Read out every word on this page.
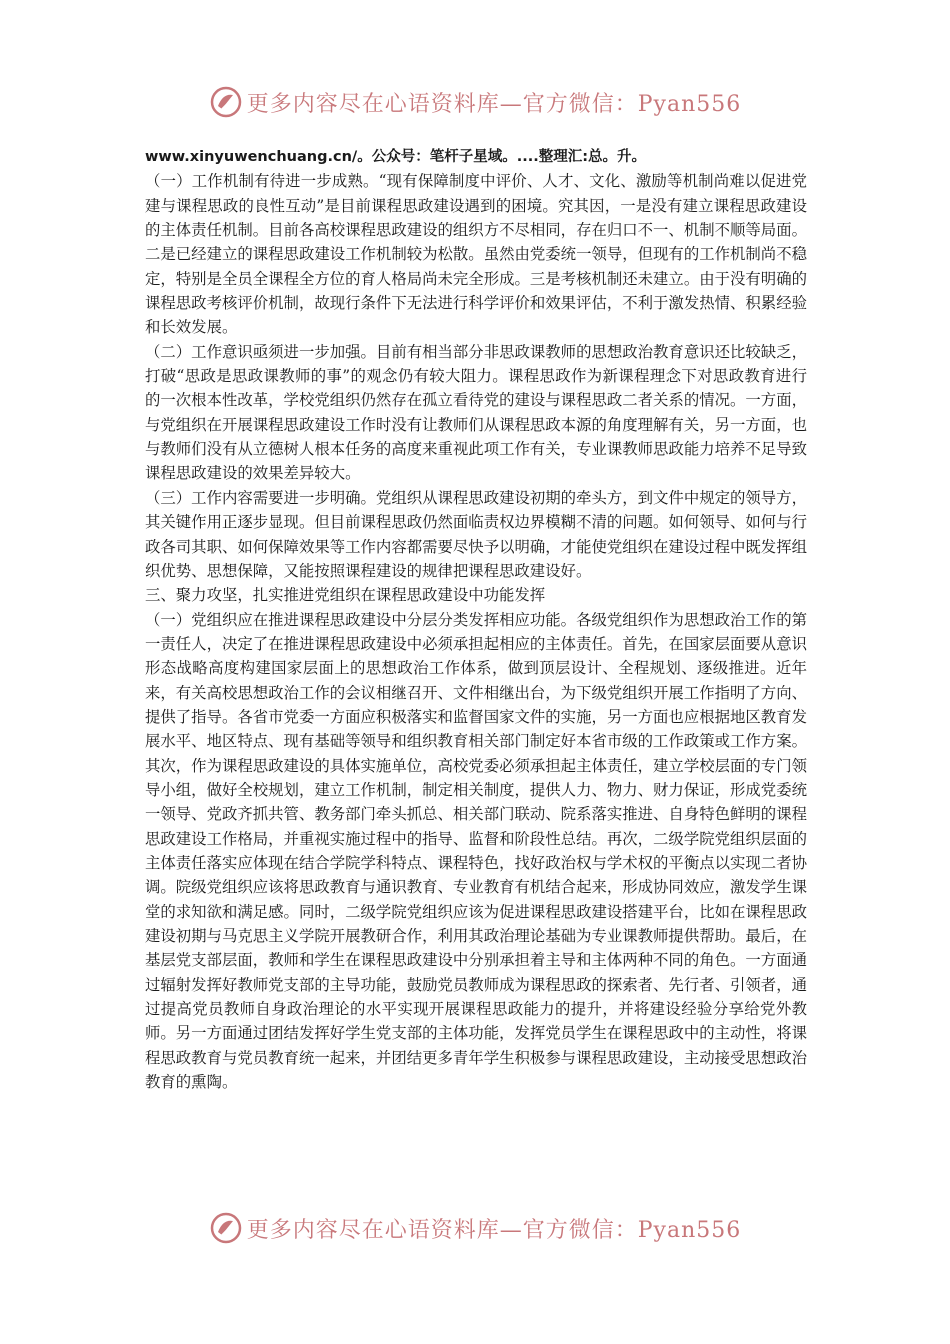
更多内容尽在心语资料库—官方微信：Pyan556

www.xinyuwenchuang.cn/。公众号：笔杆子星域。....整理汇:总。升。

（一）工作机制有待进一步成熟。“现有保障制度中评价、人才、文化、激励等机制尚难以促进党建与课程思政的良性互动”是目前课程思政建设遇到的困境。究其因，一是没有建立课程思政建设的主体责任机制。目前各高校课程思政建设的组织方不尽相同，存在归口不一、机制不顺等局面。二是已经建立的课程思政建设工作机制较为松散。虽然由党委统一领导，但现有的工作机制尚不稳定，特别是全员全课程全方位的育人格局尚未完全形成。三是考核机制还未建立。由于没有明确的课程思政考核评价机制，故现行条件下无法进行科学评价和效果评估，不利于激发热情、积累经验和长效发展。

（二）工作意识亟须进一步加强。目前有相当部分非思政课教师的思想政治教育意识还比较缺乏，打破“思政是思政课教师的事”的观念仍有较大阻力。课程思政作为新课程理念下对思政教育进行的一次根本性改革，学校党组织仍然存在孤立看待党的建设与课程思政二者关系的情况。一方面，与党组织在开展课程思政建设工作时没有让教师们从课程思政本源的角度理解有关，另一方面，也与教师们没有从立德树人根本任务的高度来重视此项工作有关，专业课教师思政能力培养不足导致课程思政建设的效果差异较大。

（三）工作内容需要进一步明确。党组织从课程思政建设初期的牵头方，到文件中规定的领导方，其关键作用正逐步显现。但目前课程思政仍然面临责权边界模糊不清的问题。如何领导、如何与行政各司其职、如何保障效果等工作内容都需要尽快予以明确，才能使党组织在建设过程中既发挥组织优势、思想保障，又能按照课程建设的规律把课程思政建设好。

三、聚力攻坚，扎实推进党组织在课程思政建设中功能发挥

（一）党组织应在推进课程思政建设中分层分类发挥相应功能。各级党组织作为思想政治工作的第一责任人，决定了在推进课程思政建设中必须承担起相应的主体责任。首先，在国家层面要从意识形态战略高度构建国家层面上的思想政治工作体系，做到顶层设计、全程规划、逐级推进。近年来，有关高校思想政治工作的会议相继召开、文件相继出台，为下级党组织开展工作指明了方向、提供了指导。各省市党委一方面应积极落实和监督国家文件的实施，另一方面也应根据地区教育发展水平、地区特点、现有基础等领导和组织教育相关部门制定好本省市级的工作政策或工作方案。其次，作为课程思政建设的具体实施单位，高校党委必须承担起主体责任，建立学校层面的专门领导小组，做好全校规划，建立工作机制，制定相关制度，提供人力、物力、财力保证，形成党委统一领导、党政齐抓共管、教务部门牵头抓总、相关部门联动、院系落实推进、自身特色鲜明的课程思政建设工作格局，并重视实施过程中的指导、监督和阶段性总结。再次，二级学院党组织层面的主体责任落实应体现在结合学院学科特点、课程特色，找好政治权与学术权的平衡点以实现二者协调。院级党组织应该将思政教育与通识教育、专业教育有机结合起来，形成协同效应，激发学生课堂的求知欲和满足感。同时，二级学院党组织应该为促进课程思政建设搭建平台，比如在课程思政建设初期与马克思主义学院开展教研合作，利用其政治理论基础为专业课教师提供帮助。最后，在基层党支部层面，教师和学生在课程思政建设中分别承担着主导和主体两种不同的角色。一方面通过辐射发挥好教师党支部的主导功能，鼓励党员教师成为课程思政的探索者、先行者、引领者，通过提高党员教师自身政治理论的水平实现开展课程思政能力的提升，并将建设经验分享给党外教师。另一方面通过团结发挥好学生党支部的主体功能，发挥党员学生在课程思政中的主动性，将课程思政教育与党员教育统一起来，并团结更多青年学生积极参与课程思政建设，主动接受思想政治教育的熏陶。

更多内容尽在心语资料库—官方微信：Pyan556
